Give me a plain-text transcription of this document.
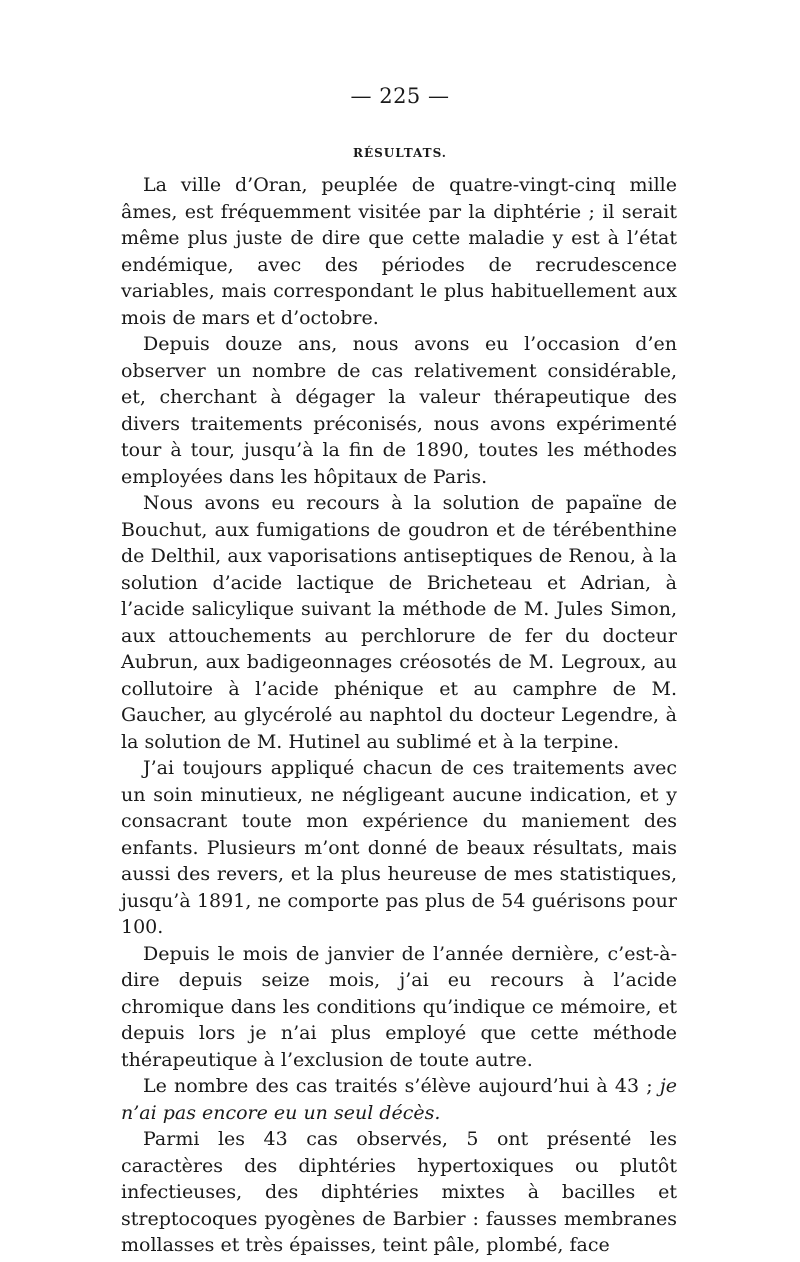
— 225 —
RÉSULTATS.

La ville d’Oran, peuplée de quatre-vingt-cinq mille âmes, est fréquemment visitée par la diphtérie ; il serait même plus juste de dire que cette maladie y est à l’état endémique, avec des périodes de recrudescence variables, mais correspondant le plus habituellement aux mois de mars et d’octobre.

Depuis douze ans, nous avons eu l’occasion d’en observer un nombre de cas relativement considérable, et, cherchant à dégager la valeur thérapeutique des divers traitements préconisés, nous avons expérimenté tour à tour, jusqu’à la fin de 1890, toutes les méthodes employées dans les hôpitaux de Paris.

Nous avons eu recours à la solution de papaïne de Bouchut, aux fumigations de goudron et de térébenthine de Delthil, aux vaporisations antiseptiques de Renou, à la solution d’acide lactique de Bricheteau et Adrian, à l’acide salicylique suivant la méthode de M. Jules Simon, aux attouchements au perchlorure de fer du docteur Aubrun, aux badigeonnages créosotés de M. Legroux, au collutoire à l’acide phénique et au camphre de M. Gaucher, au glycérolé au naphtol du docteur Legendre, à la solution de M. Hutinel au sublimé et à la terpine.

J’ai toujours appliqué chacun de ces traitements avec un soin minutieux, ne négligeant aucune indication, et y consacrant toute mon expérience du maniement des enfants. Plusieurs m’ont donné de beaux résultats, mais aussi des revers, et la plus heureuse de mes statistiques, jusqu’à 1891, ne comporte pas plus de 54 guérisons pour 100.

Depuis le mois de janvier de l’année dernière, c’est-à-dire depuis seize mois, j’ai eu recours à l’acide chromique dans les conditions qu’indique ce mémoire, et depuis lors je n’ai plus employé que cette méthode thérapeutique à l’exclusion de toute autre.

Le nombre des cas traités s’élève aujourd’hui à 43 ; je n’ai pas encore eu un seul décès.

Parmi les 43 cas observés, 5 ont présenté les caractères des diphtéries hypertoxiques ou plutôt infectieuses, des diphtéries mixtes à bacilles et streptocoques pyogènes de Barbier : fausses membranes mollasses et très épaisses, teint pâle, plombé, face
